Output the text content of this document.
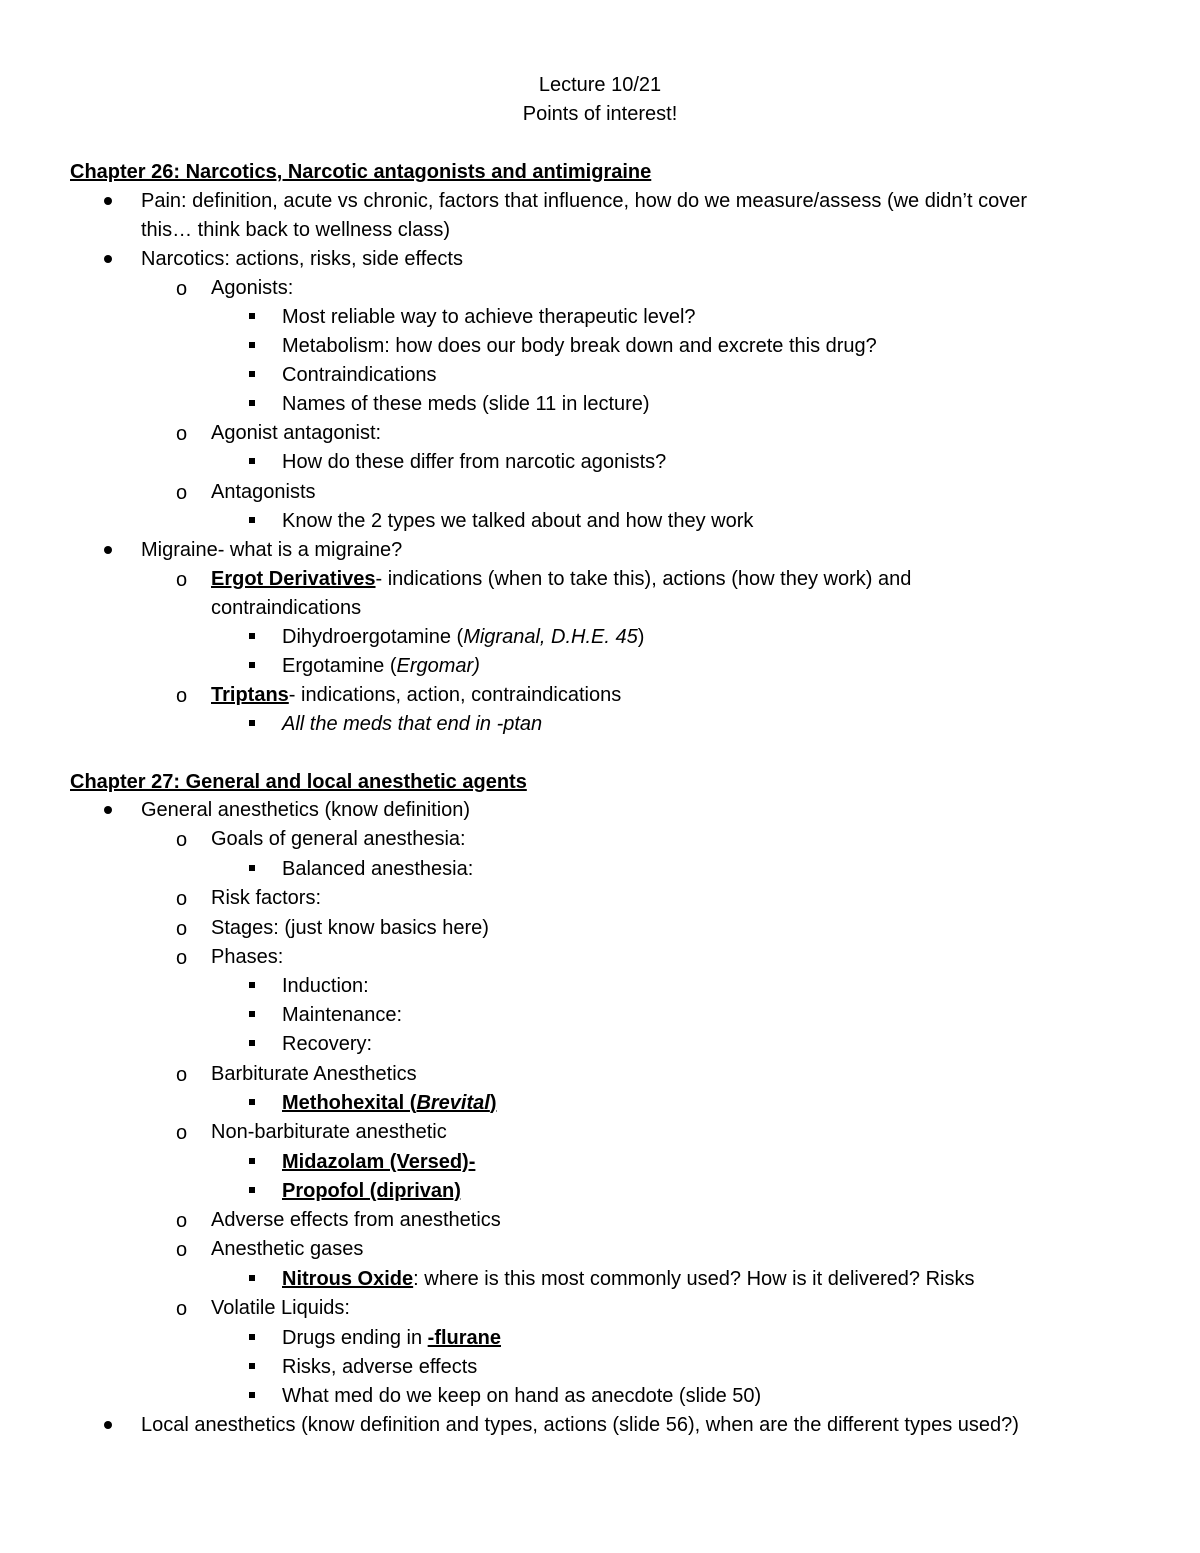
Lecture 10/21
Points of interest!
Chapter 26: Narcotics, Narcotic antagonists and antimigraine
Pain: definition, acute vs chronic, factors that influence, how do we measure/assess (we didn’t cover
this… think back to wellness class)
Narcotics: actions, risks, side effects
o Agonists:
Most reliable way to achieve therapeutic level?
Metabolism: how does our body break down and excrete this drug?
Contraindications
Names of these meds (slide 11 in lecture)
o Agonist antagonist:
How do these differ from narcotic agonists?
o Antagonists
Know the 2 types we talked about and how they work
Migraine- what is a migraine?
o Ergot Derivatives- indications (when to take this), actions (how they work) and
contraindications
Dihydroergotamine (Migranal, D.H.E. 45)
Ergotamine (Ergomar)
o Triptans- indications, action, contraindications
All the meds that end in -ptan
Chapter 27: General and local anesthetic agents
General anesthetics (know definition)
o Goals of general anesthesia:
Balanced anesthesia:
o Risk factors:
o Stages: (just know basics here)
o Phases:
Induction:
Maintenance:
Recovery:
o Barbiturate Anesthetics
Methohexital (Brevital)
o Non-barbiturate anesthetic
Midazolam (Versed)-
Propofol (diprivan)
o Adverse effects from anesthetics
o Anesthetic gases
Nitrous Oxide: where is this most commonly used? How is it delivered? Risks
o Volatile Liquids:
Drugs ending in -flurane
Risks, adverse effects
What med do we keep on hand as anecdote (slide 50)
Local anesthetics (know definition and types, actions (slide 56), when are the different types used?)
